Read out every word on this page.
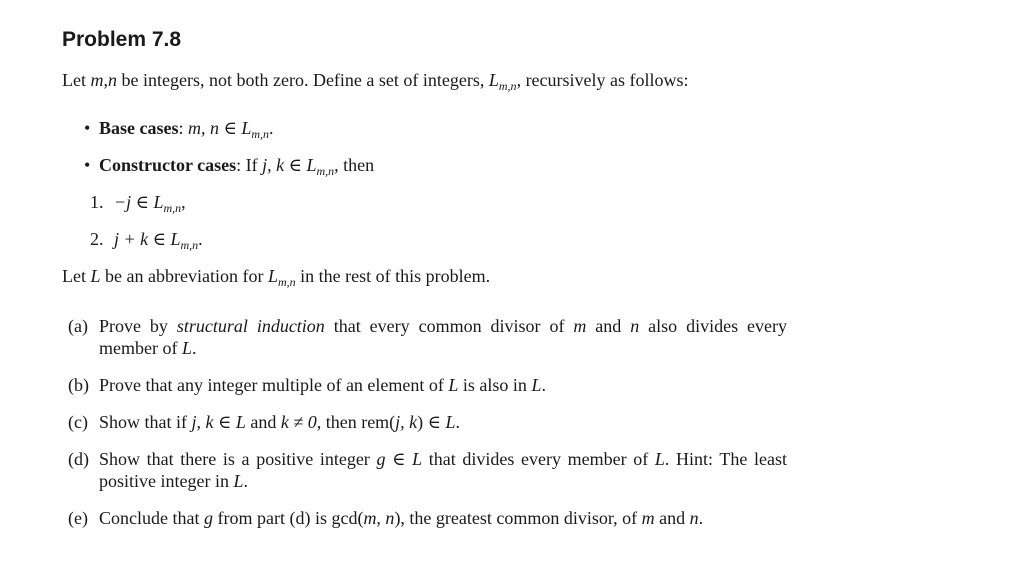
Problem 7.8

Let m,n be integers, not both zero. Define a set of integers, $L_{m,n}$, recursively as follows:

• Base cases: m, n ∈ $L_{m,n}$.
• Constructor cases: If j, k ∈ $L_{m,n}$, then
1. −j ∈ $L_{m,n}$,
2. j + k ∈ $L_{m,n}$.

Let L be an abbreviation for $L_{m,n}$ in the rest of this problem.

(a) Prove by structural induction that every common divisor of m and n also divides every member of L.
(b) Prove that any integer multiple of an element of L is also in L.
(c) Show that if j, k ∈ L and k ≠ 0, then rem(j, k) ∈ L.
(d) Show that there is a positive integer g ∈ L that divides every member of L. Hint: The least positive integer in L.
(e) Conclude that g from part (d) is gcd(m, n), the greatest common divisor, of m and n.
